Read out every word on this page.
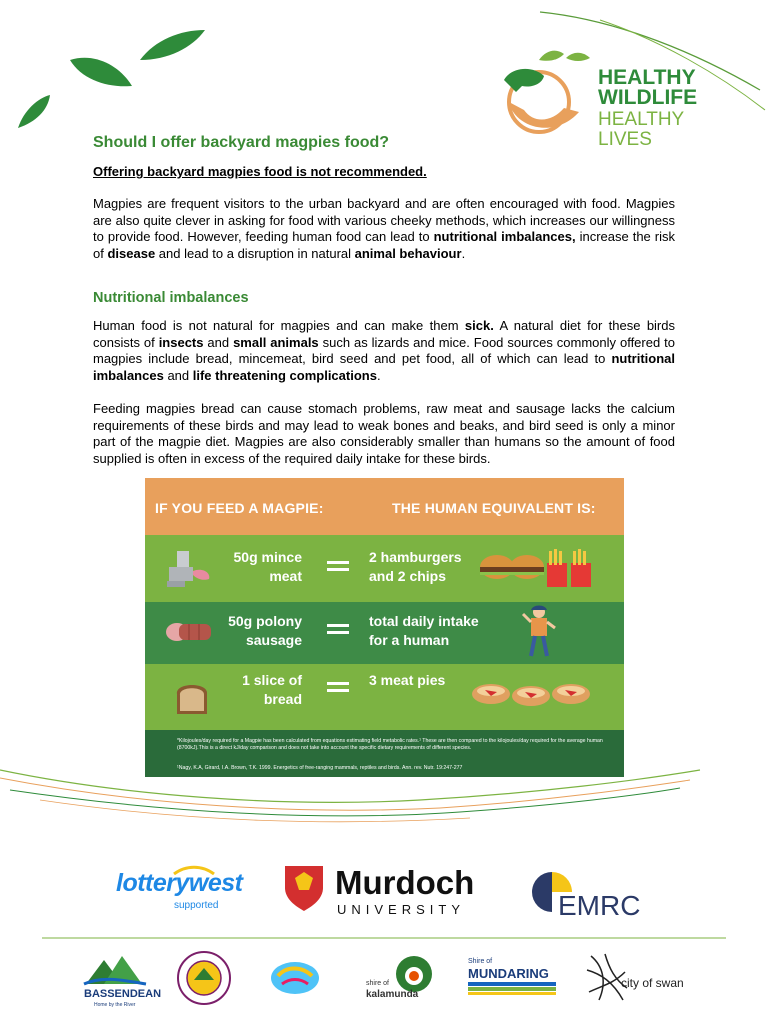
HEALTHY
WILDLIFE
HEALTHY LIVES
Should I offer backyard magpies food?
Offering backyard magpies food is not recommended.
Magpies are frequent visitors to the urban backyard and are often encouraged with food. Magpies are also quite clever in asking for food with various cheeky methods, which increases our willingness to provide food. However, feeding human food can lead to nutritional imbalances, increase the risk of disease and lead to a disruption in natural animal behaviour.
Nutritional imbalances
Human food is not natural for magpies and can make them sick. A natural diet for these birds consists of insects and small animals such as lizards and mice. Food sources commonly offered to magpies include bread, mincemeat, bird seed and pet food, all of which can lead to nutritional imbalances and life threatening complications.
Feeding magpies bread can cause stomach problems, raw meat and sausage lacks the calcium requirements of these birds and may lead to weak bones and beaks, and bird seed is only a minor part of the magpie diet. Magpies are also considerably smaller than humans so the amount of food supplied is often in excess of the required daily intake for these birds.
IF YOU FEED A MAGPIE:	THE HUMAN EQUIVALENT IS:
50g mince
meat
2 hamburgers
and 2 chips
50g polony
sausage
total daily intake
for a human
1 slice of
bread
3 meat pies

*Kilojoules/day required for a Magpie has been calculated from equations estimating field metabolic rates.¹ These are then compared to the kilojoules/day required for the average human (8700kJ).This is a direct kJ/day comparison and does not take into account the specific dietary requirements of different species.

¹Nagy, K.A, Girard, I.A. Brown, T.K. 1999. Energetics of free-ranging mammals, reptiles and birds. Ann. rev. Nutr. 19:247-277

lotterywest
supported
Murdoch
UNIVERSITY	EMRC
BASSENDEAN
Home by the River
shire of
kalamunda
Shire of
MUNDARING
city of swan
